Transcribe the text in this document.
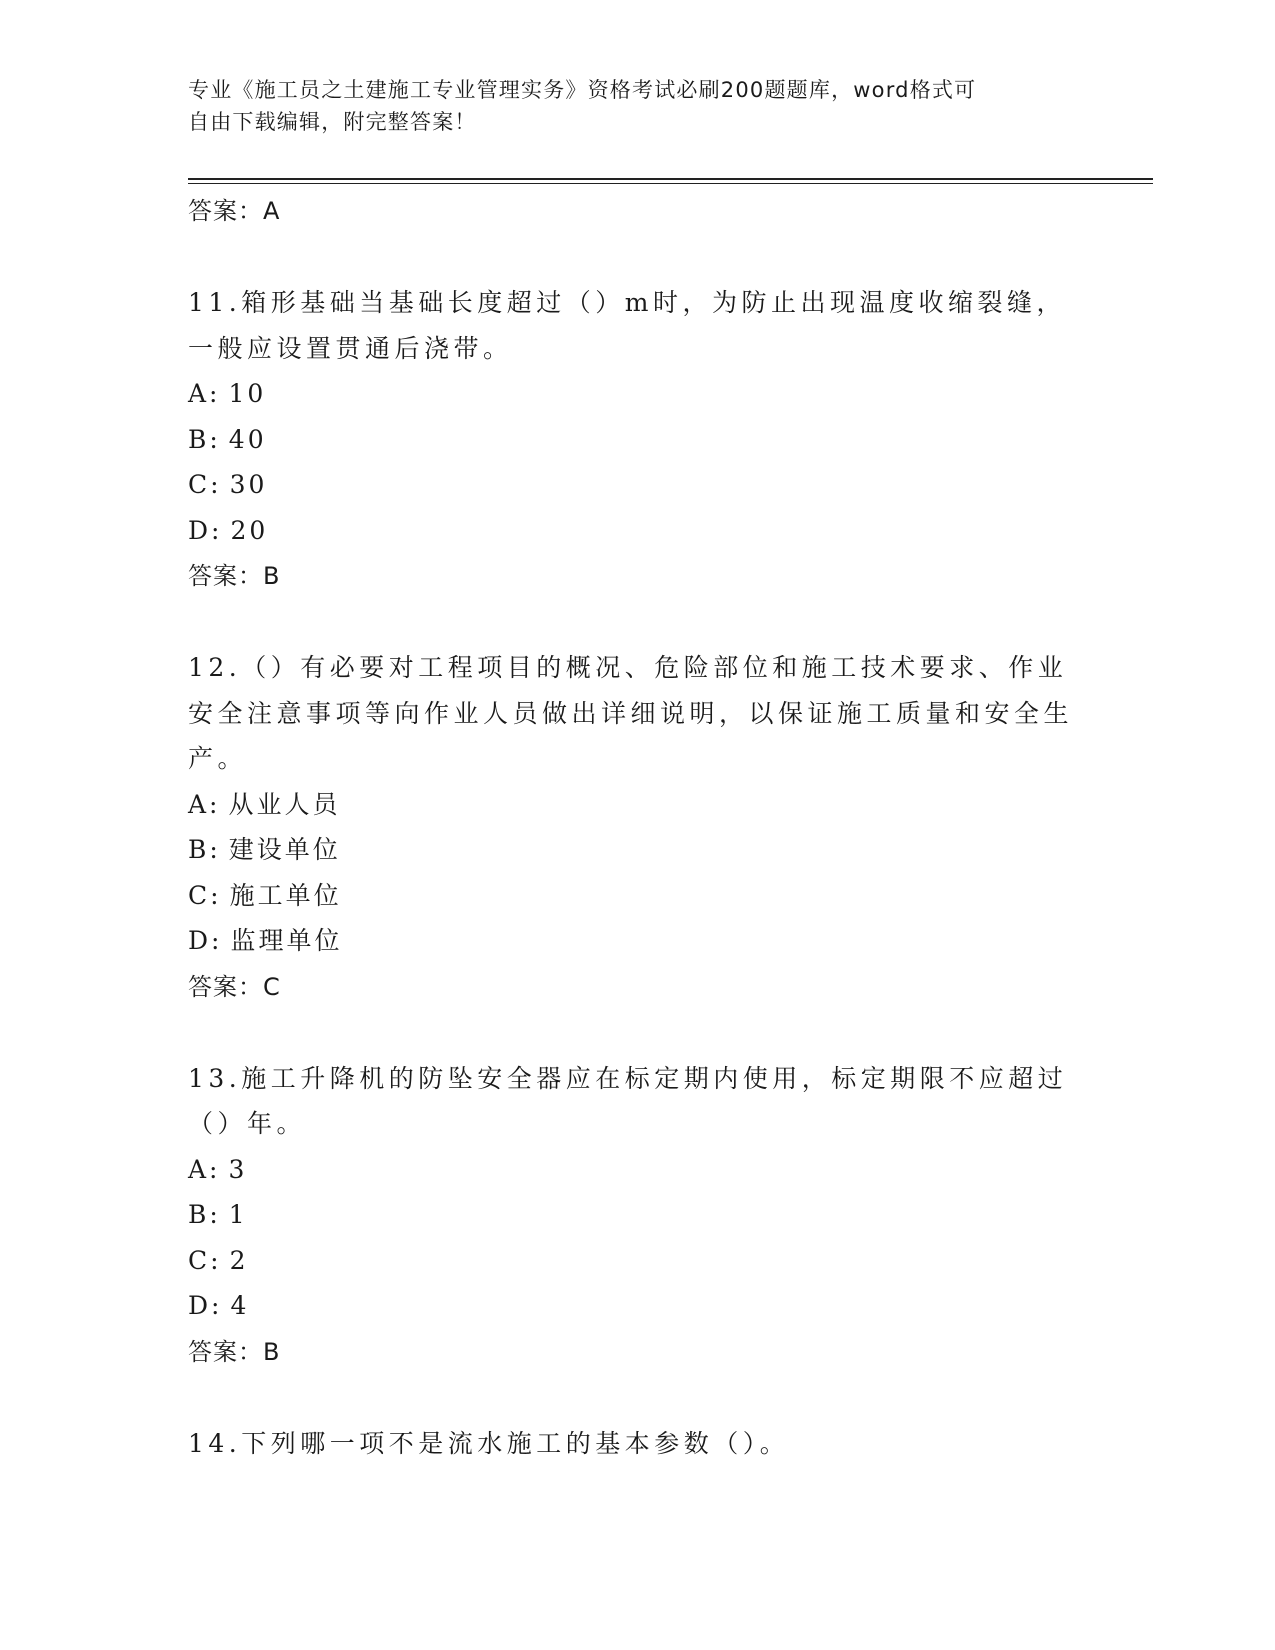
专业《施工员之土建施工专业管理实务》资格考试必刷200题题库，word格式可
自由下载编辑，附完整答案！
答案：A
11.箱形基础当基础长度超过（）m时，为防止出现温度收缩裂缝，一般应设置贯通后浇带。
A: 10
B: 40
C: 30
D: 20
答案：B
12.（）有必要对工程项目的概况、危险部位和施工技术要求、作业安全注意事项等向作业人员做出详细说明，以保证施工质量和安全生产。
A: 从业人员
B: 建设单位
C: 施工单位
D: 监理单位
答案：C
13.施工升降机的防坠安全器应在标定期内使用，标定期限不应超过（）年。
A: 3
B: 1
C: 2
D: 4
答案：B
14.下列哪一项不是流水施工的基本参数（）。
